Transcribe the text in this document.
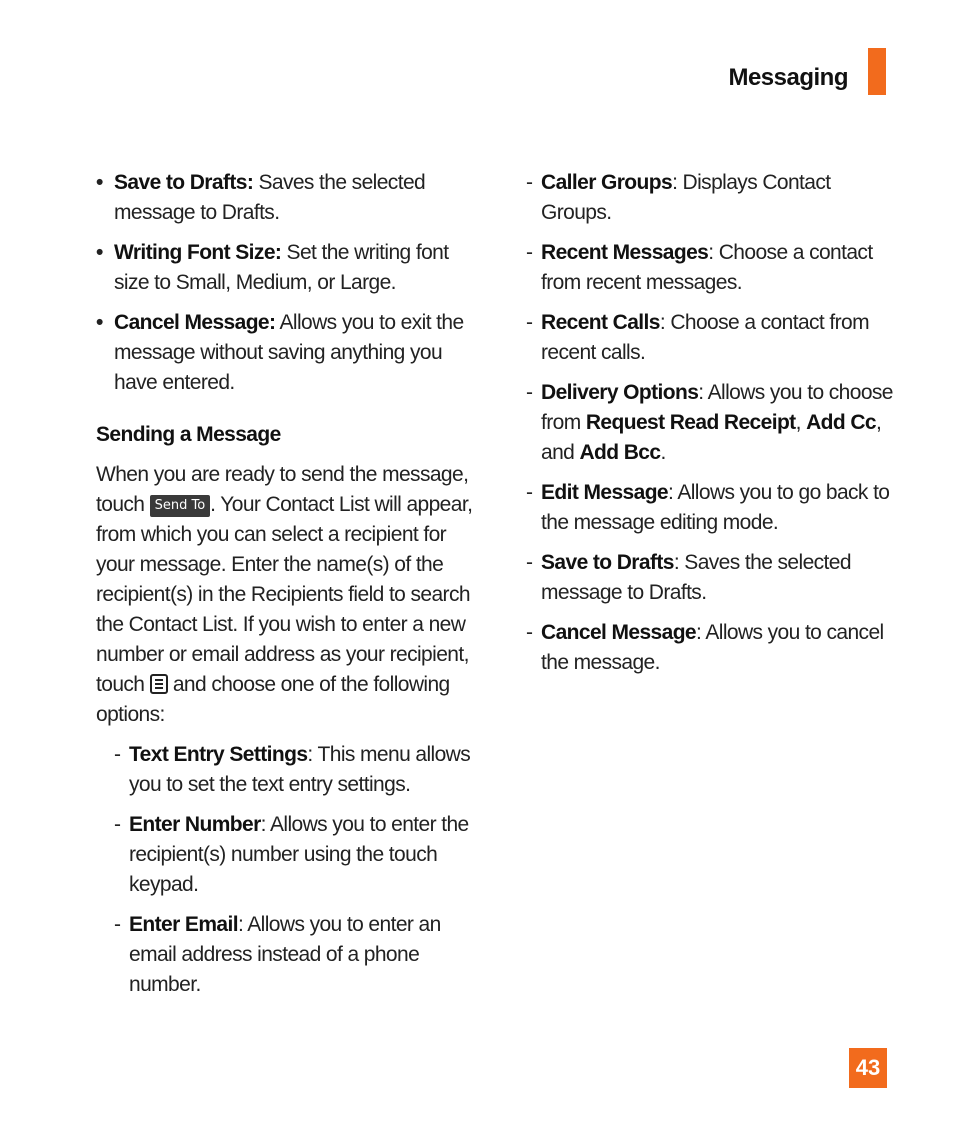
Messaging
• Save to Drafts: Saves the selected message to Drafts.
• Writing Font Size: Set the writing font size to Small, Medium, or Large.
• Cancel Message: Allows you to exit the message without saving anything you have entered.
Sending a Message
When you are ready to send the message, touch Send To . Your Contact List will appear, from which you can select a recipient for your message. Enter the name(s) of the recipient(s) in the Recipients field to search the Contact List. If you wish to enter a new number or email address as your recipient, touch
and choose one of the following options:
- Text Entry Settings: This menu allows you to set the text entry settings.
- Enter Number: Allows you to enter the recipient(s) number using the touch keypad.
- Enter Email: Allows you to enter an email address instead of a phone number.
- Caller Groups: Displays Contact Groups.
- Recent Messages: Choose a contact from recent messages.
- Recent Calls: Choose a contact from recent calls.
- Delivery Options: Allows you to choose from Request Read Receipt, Add Cc, and Add Bcc.
- Edit Message: Allows you to go back to the message editing mode.
- Save to Drafts: Saves the selected message to Drafts.
- Cancel Message: Allows you to cancel the message.
43
